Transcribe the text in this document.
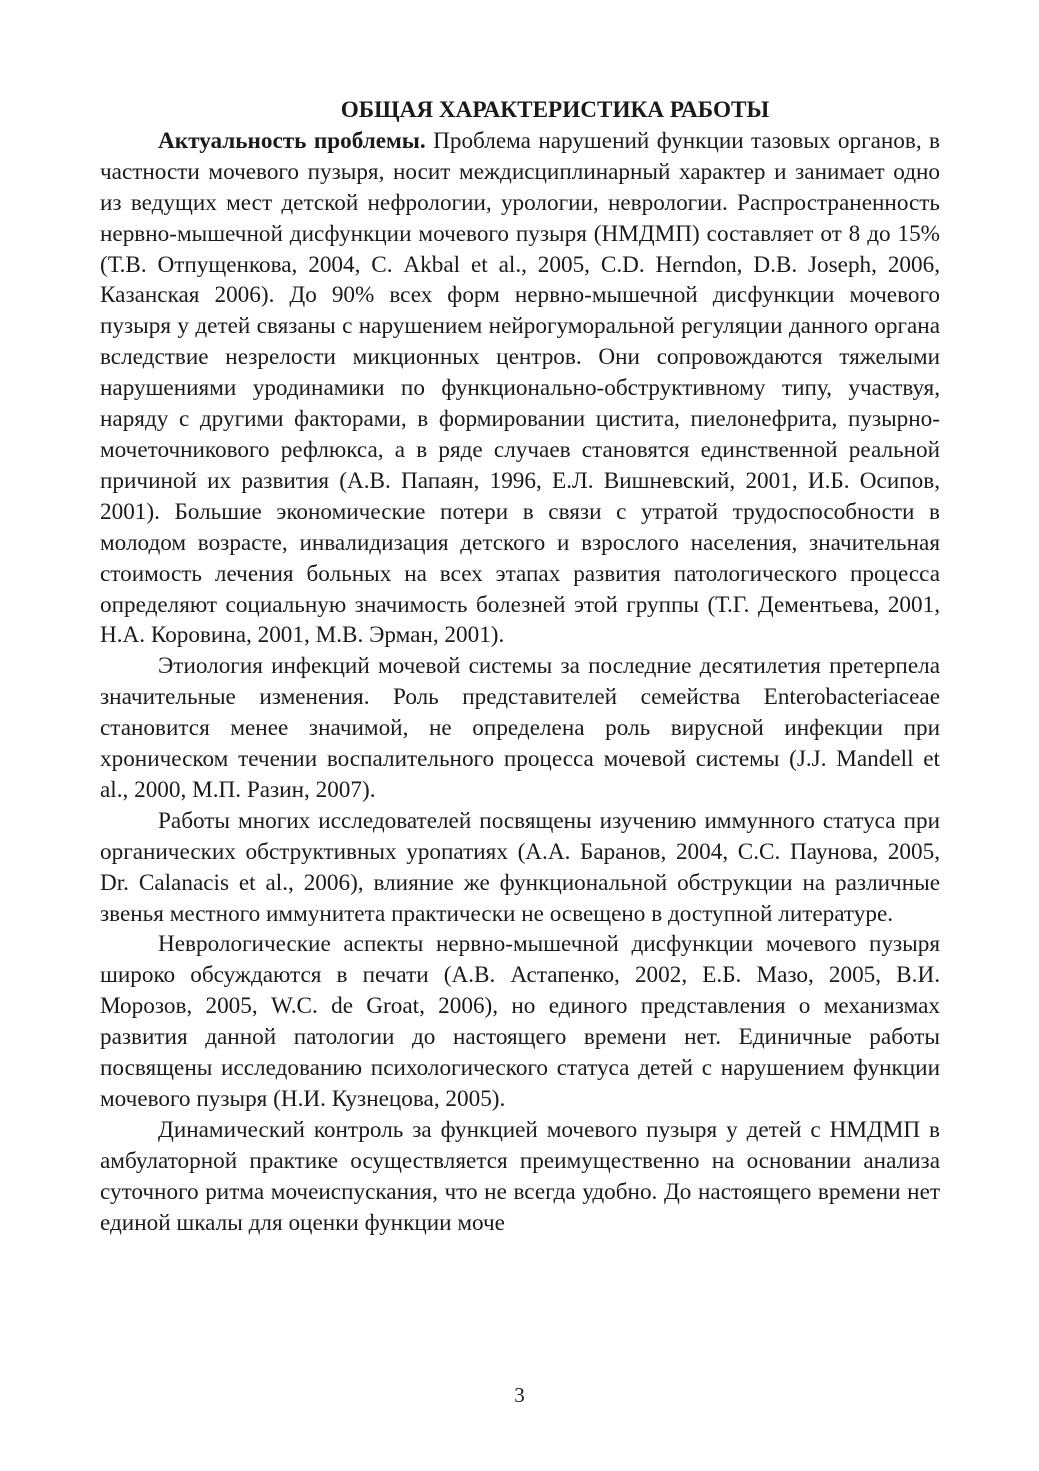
ОБЩАЯ ХАРАКТЕРИСТИКА РАБОТЫ

Актуальность проблемы. Проблема нарушений функции тазовых органов, в частности мочевого пузыря, носит междисциплинарный характер и занимает одно из ведущих мест детской нефрологии, урологии, неврологии. Распространенность нервно-мышечной дисфункции мочевого пузыря (НМДМП) составляет от 8 до 15% (Т.В. Отпущенкова, 2004, С. Akbal et al., 2005, C.D. Herndon, D.B. Joseph, 2006, Казанская 2006). До 90% всех форм нервно-мышечной дисфункции мочевого пузыря у детей связаны с нарушением нейрогуморальной регуляции данного органа вследствие незрелости микционных центров. Они сопровождаются тяжелыми нарушениями уродинамики по функционально-обструктивному типу, участвуя, наряду с другими факторами, в формировании цистита, пиелонефрита, пузырно-мочеточникового рефлюкса, а в ряде случаев становятся единственной реальной причиной их развития (А.В. Папаян, 1996, Е.Л. Вишневский, 2001, И.Б. Осипов, 2001). Большие экономические потери в связи с утратой трудоспособности в молодом возрасте, инвалидизация детского и взрослого населения, значительная стоимость лечения больных на всех этапах развития патологического процесса определяют социальную значимость болезней этой группы (Т.Г. Дементьева, 2001, Н.А. Коровина, 2001, М.В. Эрман, 2001).

Этиология инфекций мочевой системы за последние десятилетия претерпела значительные изменения. Роль представителей семейства Enterobacteriaceae становится менее значимой, не определена роль вирусной инфекции при хроническом течении воспалительного процесса мочевой системы (J.J. Mandell et al., 2000, М.П. Разин, 2007).

Работы многих исследователей посвящены изучению иммунного статуса при органических обструктивных уропатиях (А.А. Баранов, 2004, С.С. Паунова, 2005, Dr. Calanacis et al., 2006), влияние же функциональной обструкции на различные звенья местного иммунитета практически не освещено в доступной литературе.

Неврологические аспекты нервно-мышечной дисфункции мочевого пузыря широко обсуждаются в печати (А.В. Астапенко, 2002, Е.Б. Мазо, 2005, В.И. Морозов, 2005, W.C. de Groat, 2006), но единого представления о механизмах развития данной патологии до настоящего времени нет. Единичные работы посвящены исследованию психологического статуса детей с нарушением функции мочевого пузыря (Н.И. Кузнецова, 2005).

Динамический контроль за функцией мочевого пузыря у детей с НМДМП в амбулаторной практике осуществляется преимущественно на основании анализа суточного ритма мочеиспускания, что не всегда удобно. До настоящего времени нет единой шкалы для оценки функции моче

3
